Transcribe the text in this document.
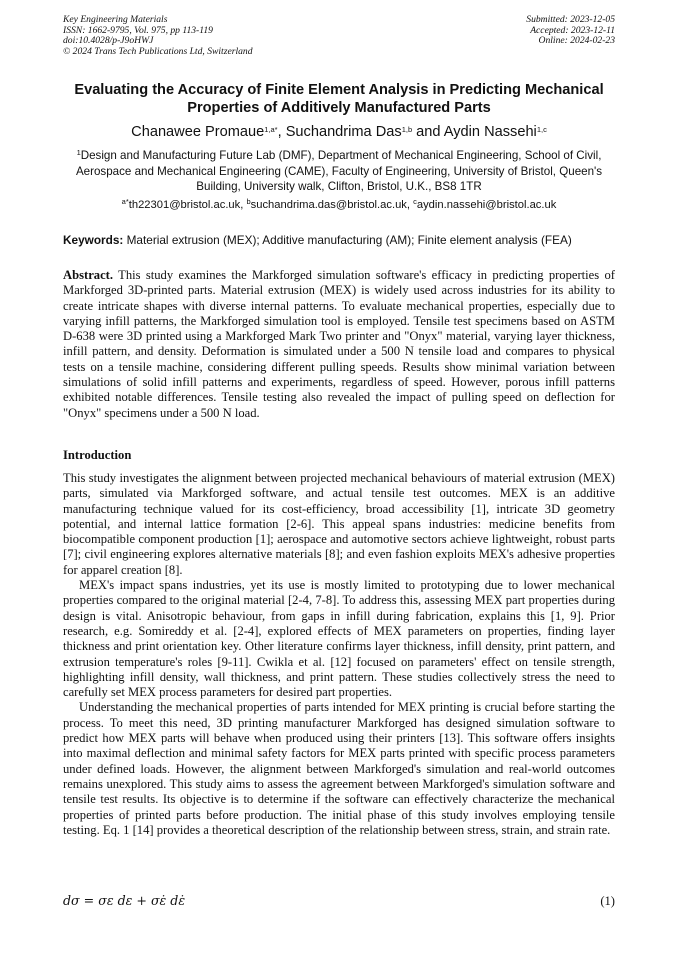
Key Engineering Materials
ISSN: 1662-9795, Vol. 975, pp 113-119
doi:10.4028/p-J9oHWJ
© 2024 Trans Tech Publications Ltd, Switzerland
Submitted: 2023-12-05
Accepted: 2023-12-11
Online: 2024-02-23
Evaluating the Accuracy of Finite Element Analysis in Predicting Mechanical Properties of Additively Manufactured Parts
Chanawee Promaue$^{1,a*}$, Suchandrima Das$^{1,b}$ and Aydin Nassehi$^{1,c}$
$^1$Design and Manufacturing Future Lab (DMF), Department of Mechanical Engineering, School of Civil, Aerospace and Mechanical Engineering (CAME), Faculty of Engineering, University of Bristol, Queen's Building, University walk, Clifton, Bristol, U.K., BS8 1TR
$^{a*}$th22301@bristol.ac.uk, $^b$suchandrima.das@bristol.ac.uk, $^c$aydin.nassehi@bristol.ac.uk
Keywords: Material extrusion (MEX); Additive manufacturing (AM); Finite element analysis (FEA)

Abstract. This study examines the Markforged simulation software's efficacy in predicting properties of Markforged 3D-printed parts. Material extrusion (MEX) is widely used across industries for its ability to create intricate shapes with diverse internal patterns. To evaluate mechanical properties, especially due to varying infill patterns, the Markforged simulation tool is employed. Tensile test specimens based on ASTM D-638 were 3D printed using a Markforged Mark Two printer and "Onyx" material, varying layer thickness, infill pattern, and density. Deformation is simulated under a 500 N tensile load and compares to physical tests on a tensile machine, considering different pulling speeds. Results show minimal variation between simulations of solid infill patterns and experiments, regardless of speed. However, porous infill patterns exhibited notable differences. Tensile testing also revealed the impact of pulling speed on deflection for "Onyx" specimens under a 500 N load.

Introduction

This study investigates the alignment between projected mechanical behaviours of material extrusion (MEX) parts, simulated via Markforged software, and actual tensile test outcomes. MEX is an additive manufacturing technique valued for its cost-efficiency, broad accessibility [1], intricate 3D geometry potential, and internal lattice formation [2-6]. This appeal spans industries: medicine benefits from biocompatible component production [1]; aerospace and automotive sectors achieve lightweight, robust parts [7]; civil engineering explores alternative materials [8]; and even fashion exploits MEX's adhesive properties for apparel creation [8].

MEX's impact spans industries, yet its use is mostly limited to prototyping due to lower mechanical properties compared to the original material [2-4, 7-8]. To address this, assessing MEX part properties during design is vital. Anisotropic behaviour, from gaps in infill during fabrication, explains this [1, 9]. Prior research, e.g. Somireddy et al. [2-4], explored effects of MEX parameters on properties, finding layer thickness and print orientation key. Other literature confirms layer thickness, infill density, print pattern, and extrusion temperature's roles [9-11]. Cwikla et al. [12] focused on parameters' effect on tensile strength, highlighting infill density, wall thickness, and print pattern. These studies collectively stress the need to carefully set MEX process parameters for desired part properties.

Understanding the mechanical properties of parts intended for MEX printing is crucial before starting the process. To meet this need, 3D printing manufacturer Markforged has designed simulation software to predict how MEX parts will behave when produced using their printers [13]. This software offers insights into maximal deflection and minimal safety factors for MEX parts printed with specific process parameters under defined loads. However, the alignment between Markforged's simulation and real-world outcomes remains unexplored. This study aims to assess the agreement between Markforged's simulation software and tensile test results. Its objective is to determine if the software can effectively characterize the mechanical properties of printed parts before production. The initial phase of this study involves employing tensile testing. Eq. 1 [14] provides a theoretical description of the relationship between stress, strain, and strain rate.

dσ = σε dε + σε̇ dε̇	(1)
